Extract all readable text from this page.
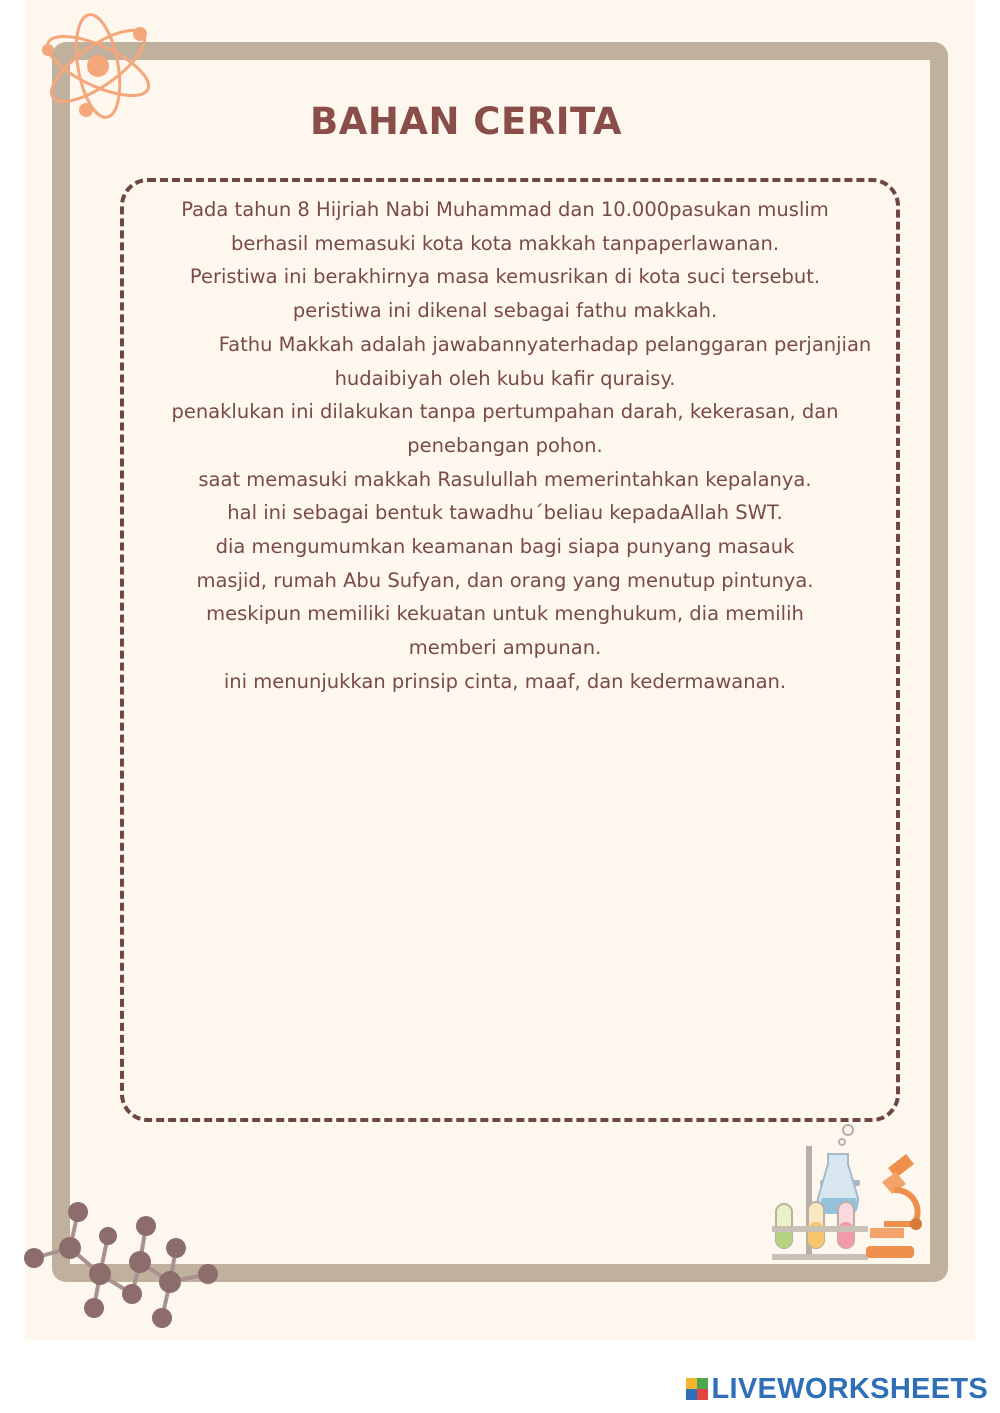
BAHAN CERITA
Pada tahun 8 Hijriah Nabi Muhammad dan 10.000pasukan muslim
berhasil memasuki kota kota makkah tanpaperlawanan.
Peristiwa ini berakhirnya masa kemusrikan di kota suci tersebut.
peristiwa ini dikenal sebagai fathu makkah.
Fathu Makkah adalah jawabannyaterhadap pelanggaran perjanjian
hudaibiyah oleh kubu kafir quraisy.
penaklukan ini dilakukan tanpa pertumpahan darah, kekerasan, dan
penebangan pohon.
saat memasuki makkah Rasulullah memerintahkan kepalanya.
hal ini sebagai bentuk tawadhu΄beliau kepadaAllah SWT.
dia mengumumkan keamanan bagi siapa punyang masauk
masjid, rumah Abu Sufyan, dan orang yang menutup pintunya.
meskipun memiliki kekuatan untuk menghukum, dia memilih
memberi ampunan.
ini menunjukkan prinsip cinta, maaf, dan kedermawanan.
LIVEWORKSHEETS
